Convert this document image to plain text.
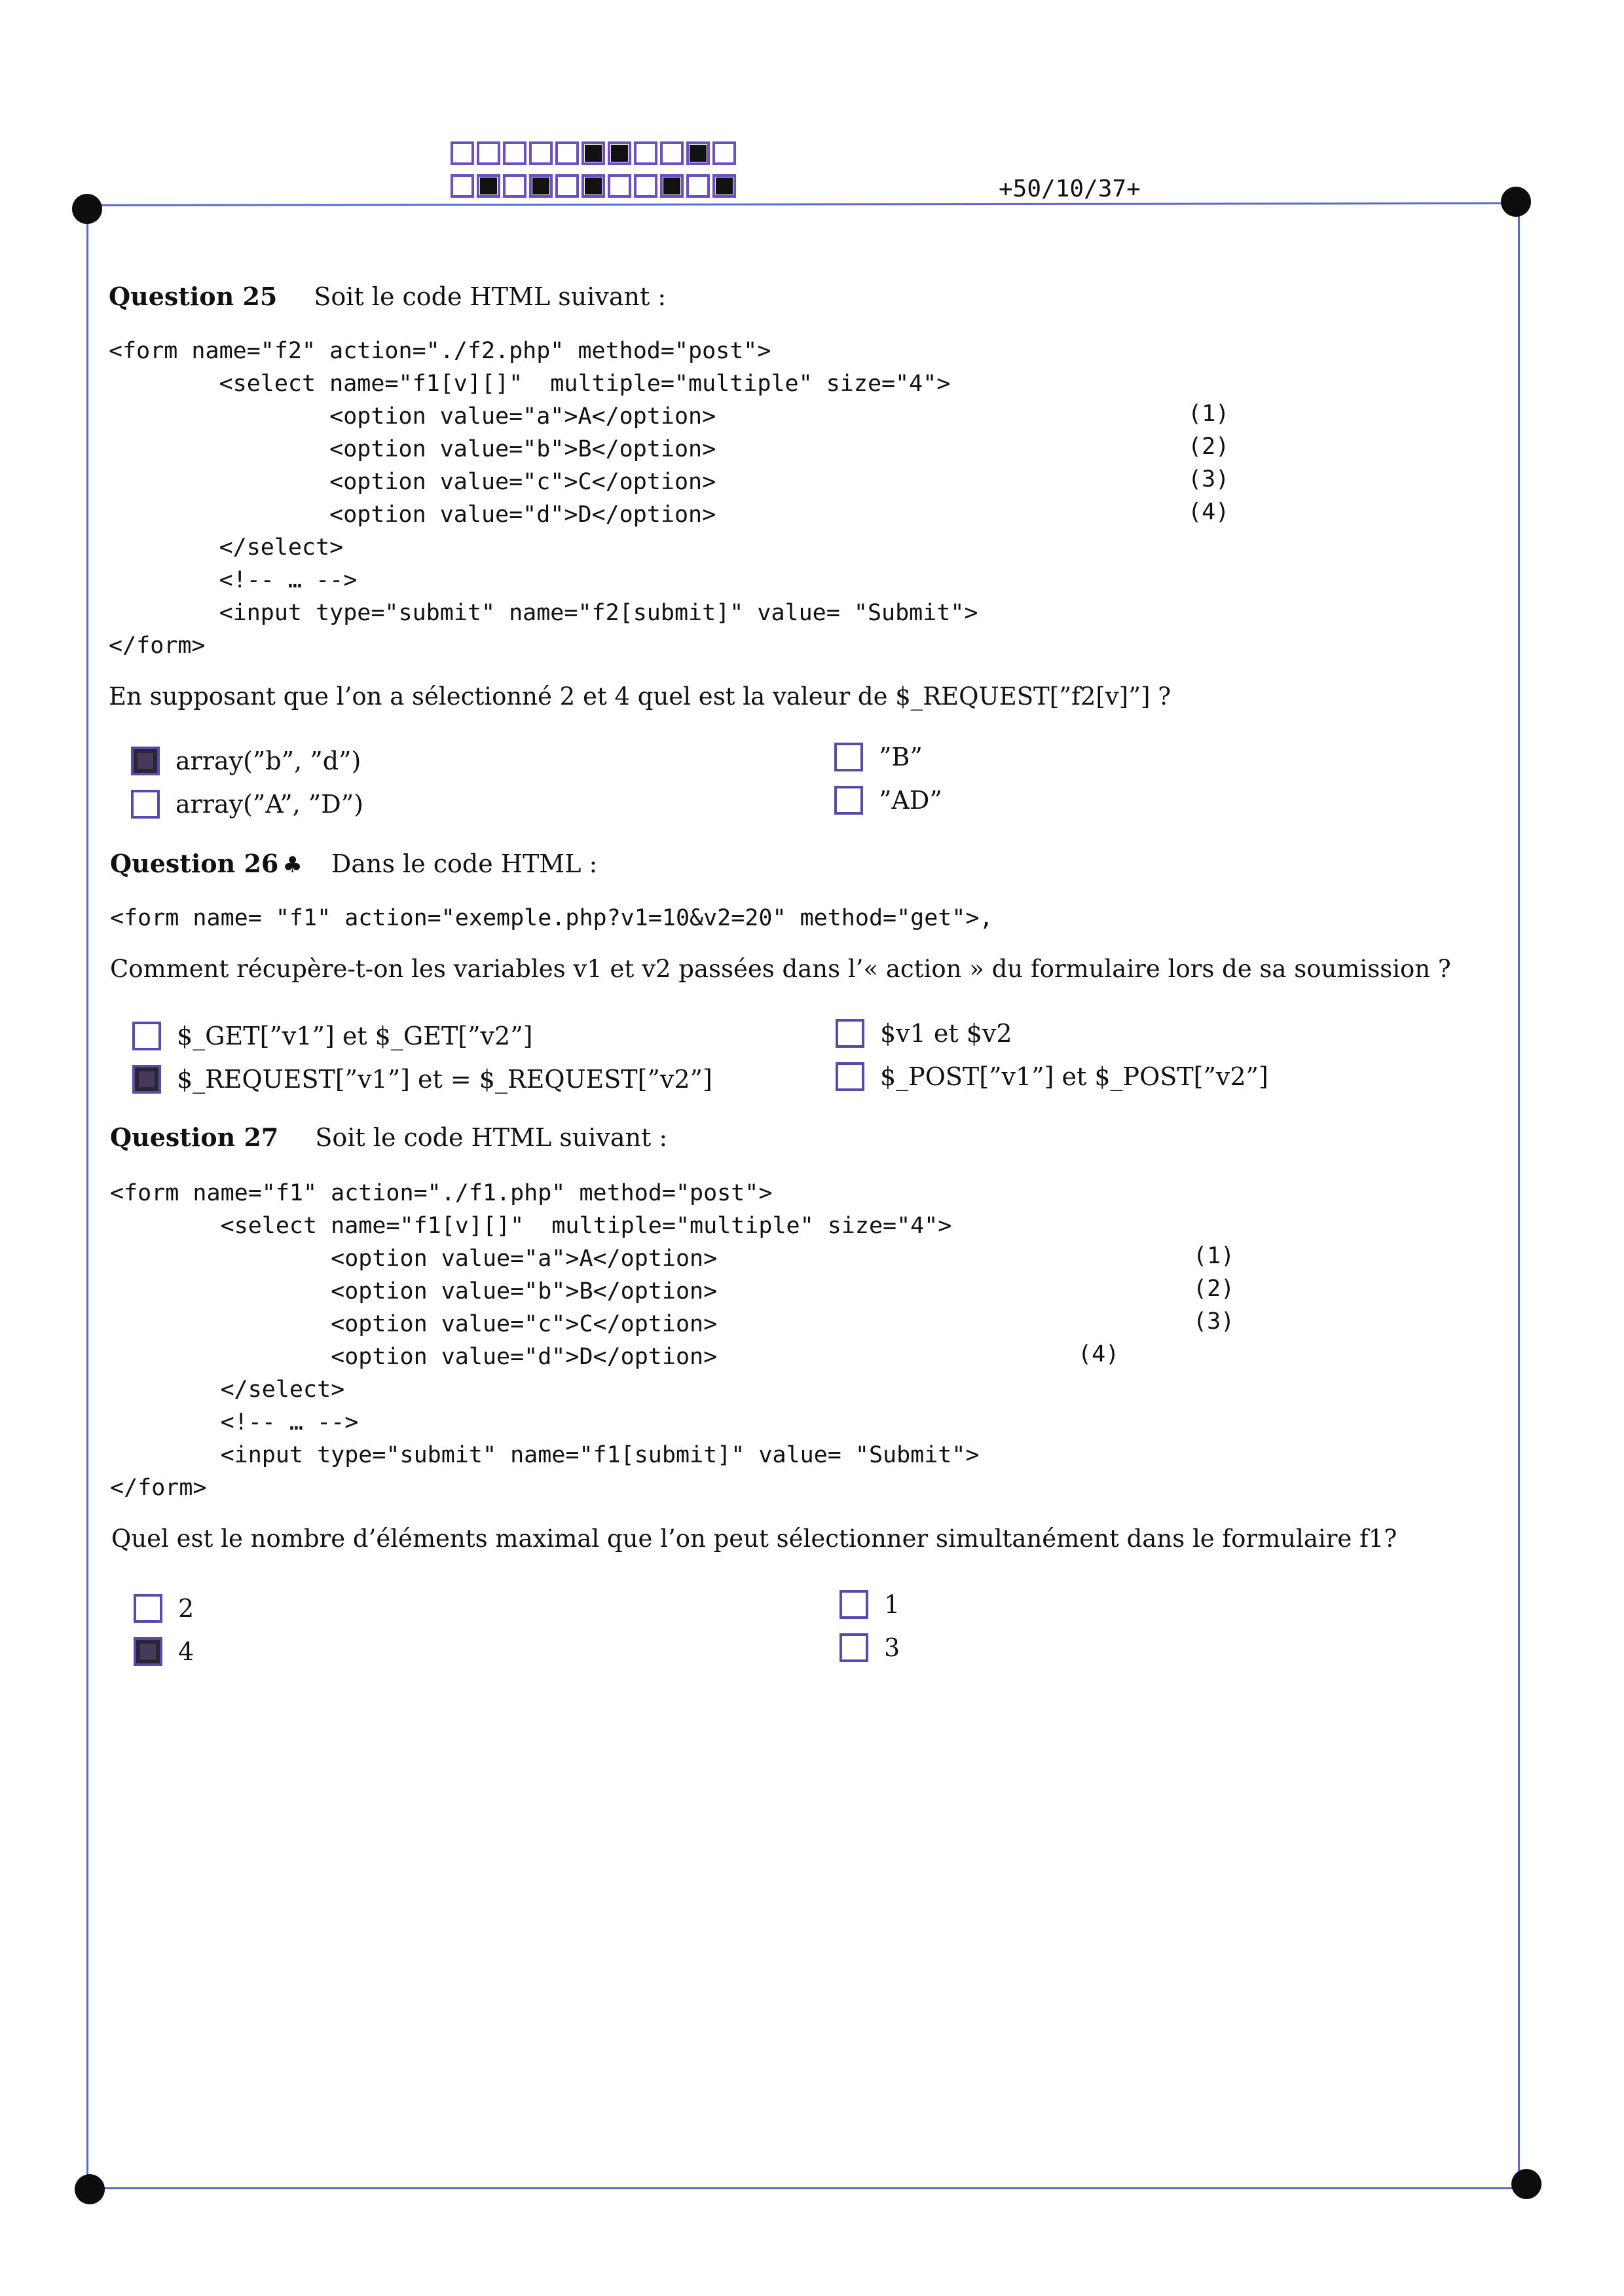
+50/10/37+
Question 25 Soit le code HTML suivant :
<form name="f2" action="./f2.php" method="post">
<select name="f1[v][]"  multiple="multiple" size="4">
<option value="a">A</option>
<option value="b">B</option>
<option value="c">C</option>
<option value="d">D</option>
</select>
<!-- … -->
<input type="submit" name="f2[submit]" value= "Submit">
</form>
(1)
(2)
(3)
(4)
En supposant que l’on a sélectionné 2 et 4 quel est la valeur de $_REQUEST[”f2[v]”] ?
array(”b”, ”d”)
array(”A”, ”D”)
”B”
”AD”
Question 26 ♣ Dans le code HTML :
<form name= "f1" action="exemple.php?v1=10&v2=20" method="get">,
Comment récupère-t-on les variables v1 et v2 passées dans l’« action » du formulaire lors de sa soumission ?
$_GET[”v1”] et $_GET[”v2”]
$_REQUEST[”v1”] et = $_REQUEST[”v2”]
$v1 et $v2
$_POST[”v1”] et $_POST[”v2”]
Question 27 Soit le code HTML suivant :
<form name="f1" action="./f1.php" method="post">
<select name="f1[v][]"  multiple="multiple" size="4">
<option value="a">A</option>
<option value="b">B</option>
<option value="c">C</option>
<option value="d">D</option>
</select>
<!-- … -->
<input type="submit" name="f1[submit]" value= "Submit">
</form>
(1)
(2)
(3)
(4)
Quel est le nombre d’éléments maximal que l’on peut sélectionner simultanément dans le formulaire f1?
2
4
1
3
